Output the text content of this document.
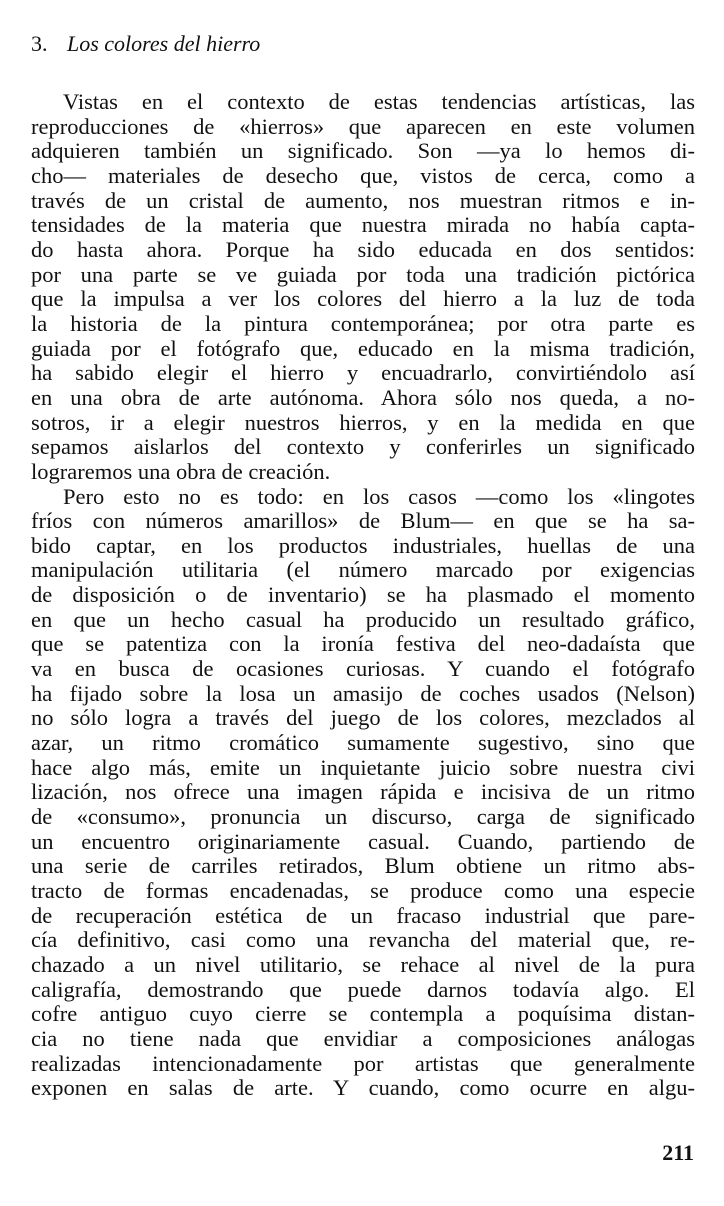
3. Los colores del hierro
Vistas en el contexto de estas tendencias artísticas, las
reproducciones de «hierros» que aparecen en este volumen
adquieren también un significado. Son —ya lo hemos di-
cho— materiales de desecho que, vistos de cerca, como a
través de un cristal de aumento, nos muestran ritmos e in-
tensidades de la materia que nuestra mirada no había capta-
do hasta ahora. Porque ha sido educada en dos sentidos:
por una parte se ve guiada por toda una tradición pictórica
que la impulsa a ver los colores del hierro a la luz de toda
la historia de la pintura contemporánea; por otra parte es
guiada por el fotógrafo que, educado en la misma tradición,
ha sabido elegir el hierro y encuadrarlo, convirtiéndolo así
en una obra de arte autónoma. Ahora sólo nos queda, a no-
sotros, ir a elegir nuestros hierros, y en la medida en que
sepamos aislarlos del contexto y conferirles un significado
lograremos una obra de creación.
Pero esto no es todo: en los casos —como los «lingotes
fríos con números amarillos» de Blum— en que se ha sa-
bido captar, en los productos industriales, huellas de una
manipulación utilitaria (el número marcado por exigencias
de disposición o de inventario) se ha plasmado el momento
en que un hecho casual ha producido un resultado gráfico,
que se patentiza con la ironía festiva del neo-dadaísta que
va en busca de ocasiones curiosas. Y cuando el fotógrafo
ha fijado sobre la losa un amasijo de coches usados (Nelson)
no sólo logra a través del juego de los colores, mezclados al
azar, un ritmo cromático sumamente sugestivo, sino que
hace algo más, emite un inquietante juicio sobre nuestra civi
lización, nos ofrece una imagen rápida e incisiva de un ritmo
de «consumo», pronuncia un discurso, carga de significado
un encuentro originariamente casual. Cuando, partiendo de
una serie de carriles retirados, Blum obtiene un ritmo abs-
tracto de formas encadenadas, se produce como una especie
de recuperación estética de un fracaso industrial que pare-
cía definitivo, casi como una revancha del material que, re-
chazado a un nivel utilitario, se rehace al nivel de la pura
caligrafía, demostrando que puede darnos todavía algo. El
cofre antiguo cuyo cierre se contempla a poquísima distan-
cia no tiene nada que envidiar a composiciones análogas
realizadas intencionadamente por artistas que generalmente
exponen en salas de arte. Y cuando, como ocurre en algu-
211
